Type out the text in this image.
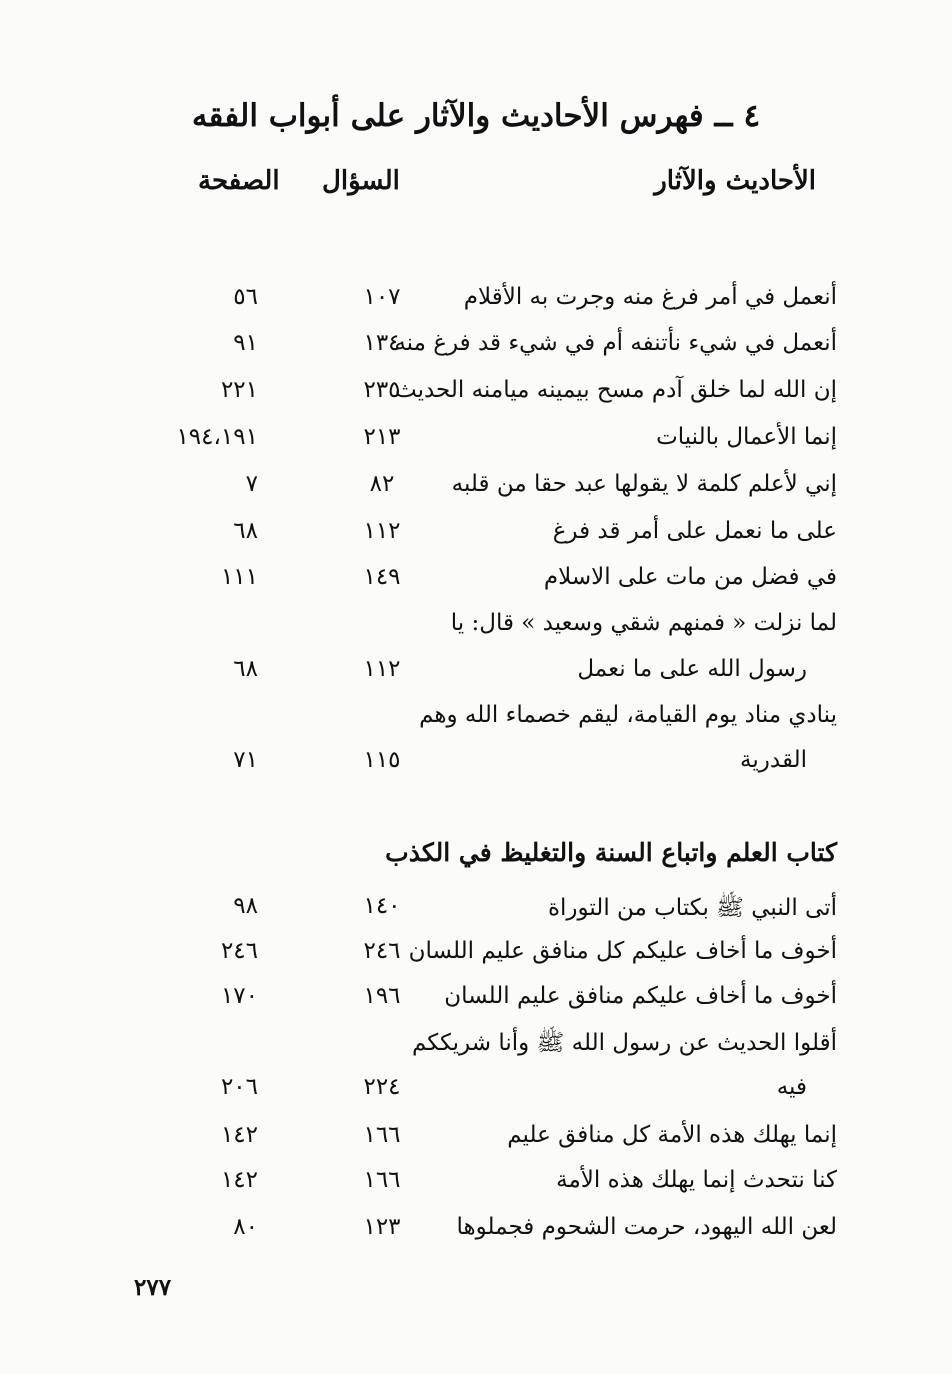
٤ ــ فهرس الأحاديث والآثار على أبواب الفقه
الأحاديث والآثار
السؤال
الصفحة
أنعمل في أمر فرغ منه وجرت به الأقلام
١٠٧
٥٦
أنعمل في شيء نأتنفه أم في شيء قد فرغ منه
١٣٤
٩١
إن الله لما خلق آدم مسح بيمينه ميامنه الحديث
٢٣٥
٢٢١
إنما الأعمال بالنيات
٢١٣
١٩٤،١٩١
إني لأعلم كلمة لا يقولها عبد حقا من قلبه
٨٢
٧
على ما نعمل على أمر قد فرغ
١١٢
٦٨
في فضل من مات على الاسلام
١٤٩
١١١
لما نزلت « فمنهم شقي وسعيد » قال: يا
رسول الله على ما نعمل
١١٢
٦٨
ينادي مناد يوم القيامة، ليقم خصماء الله وهم
القدرية
١١٥
٧١
كتاب العلم واتباع السنة والتغليظ في الكذب
أتى النبي ﷺ بكتاب من التوراة
١٤٠
٩٨
أخوف ما أخاف عليكم كل منافق عليم اللسان
٢٤٦
٢٤٦
أخوف ما أخاف عليكم منافق عليم اللسان
١٩٦
١٧٠
أقلوا الحديث عن رسول الله ﷺ وأنا شريككم
فيه
٢٢٤
٢٠٦
إنما يهلك هذه الأمة كل منافق عليم
١٦٦
١٤٢
كنا نتحدث إنما يهلك هذه الأمة
١٦٦
١٤٢
لعن الله اليهود، حرمت الشحوم فجملوها
١٢٣
٨٠
٢٧٧
